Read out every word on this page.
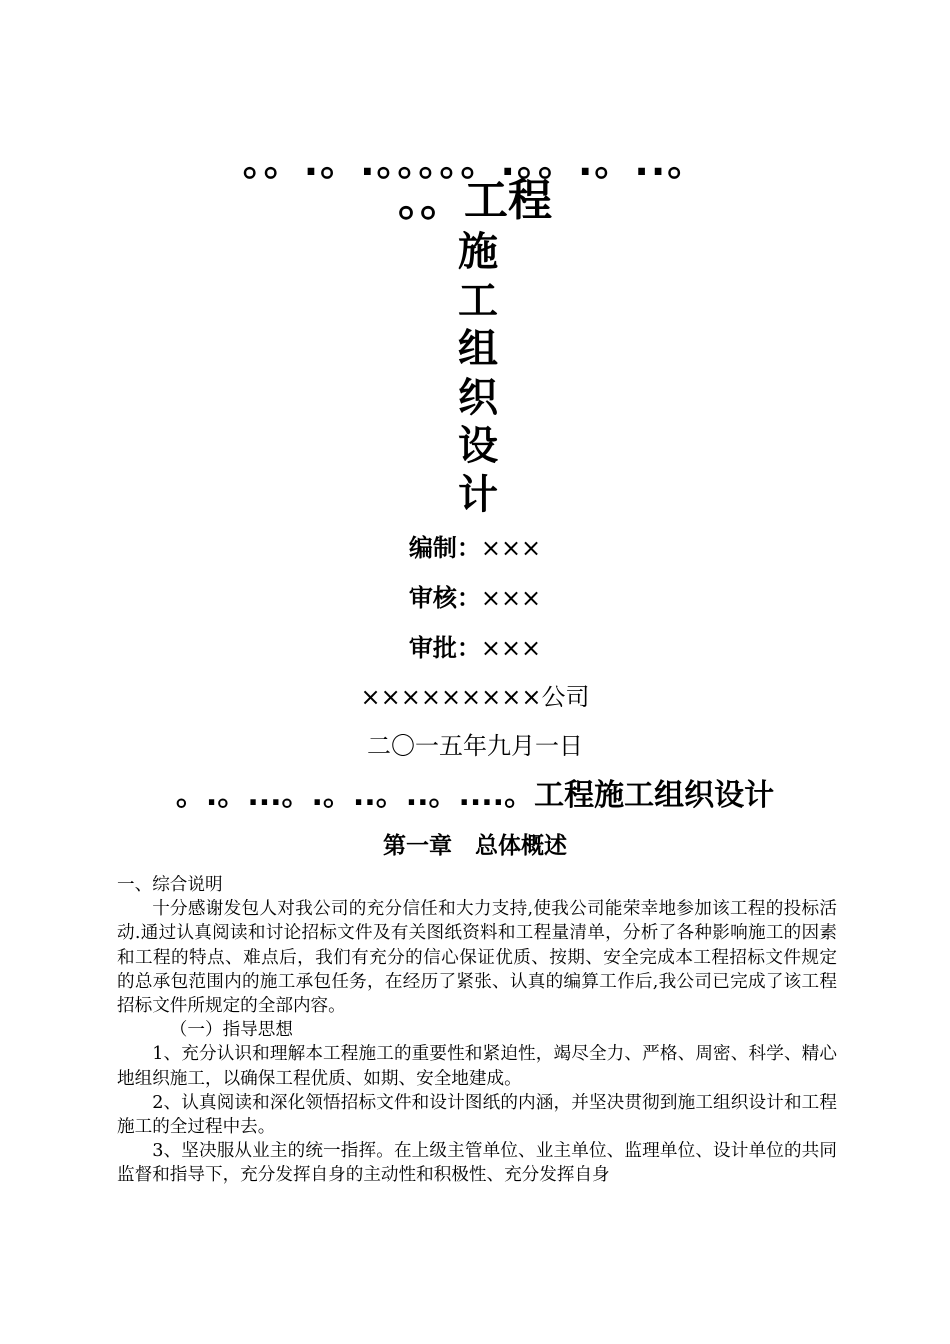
。。.。.。。。。。.。。.。..。
。。工程
施
工
组
织
设
计
编制：×××
审核：×××
审批：×××
×××××××××公司
二〇一五年九月一日
。.。...。.。..。..。....。工程施工组织设计
第一章　总体概述

一、综合说明

十分感谢发包人对我公司的充分信任和大力支持,使我公司能荣幸地参加该工程的投标活动.通过认真阅读和讨论招标文件及有关图纸资料和工程量清单，分析了各种影响施工的因素和工程的特点、难点后，我们有充分的信心保证优质、按期、安全完成本工程招标文件规定的总承包范围内的施工承包任务，在经历了紧张、认真的编算工作后,我公司已完成了该工程招标文件所规定的全部内容。

（一）指导思想

1、充分认识和理解本工程施工的重要性和紧迫性，竭尽全力、严格、周密、科学、精心地组织施工，以确保工程优质、如期、安全地建成。

2、认真阅读和深化领悟招标文件和设计图纸的内涵，并坚决贯彻到施工组织设计和工程施工的全过程中去。

3、坚决服从业主的统一指挥。在上级主管单位、业主单位、监理单位、设计单位的共同监督和指导下，充分发挥自身的主动性和积极性、充分发挥自身
